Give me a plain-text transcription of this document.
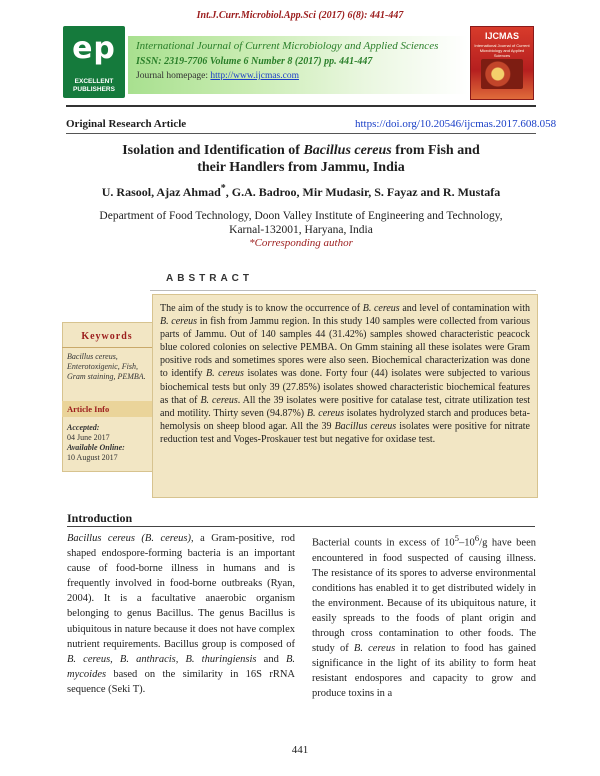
Int.J.Curr.Microbiol.App.Sci (2017) 6(8): 441-447
ep
EXCELLENT PUBLISHERS
International Journal of Current Microbiology and Applied Sciences
ISSN: 2319-7706 Volume 6 Number 8 (2017) pp. 441-447
Journal homepage: http://www.ijcmas.com
IJCMAS
International Journal of Current Microbiology and Applied Sciences
Original Research Article	https://doi.org/10.20546/ijcmas.2017.608.058
Isolation and Identification of Bacillus cereus from Fish and
their Handlers from Jammu, India
U. Rasool, Ajaz Ahmad*, G.A. Badroo, Mir Mudasir, S. Fayaz and R. Mustafa
Department of Food Technology, Doon Valley Institute of Engineering and Technology,
Karnal-132001, Haryana, India
*Corresponding author
ABSTRACT
Keywords
Bacillus cereus, Enterotoxigenic, Fish, Gram staining, PEMBA.
Article Info
Accepted:
04 June 2017
Available Online:
10 August 2017
The aim of the study is to know the occurrence of B. cereus and level of contamination with B. cereus in fish from Jammu region. In this study 140 samples were collected from various parts of Jammu. Out of 140 samples 44 (31.42%) samples showed characteristic peacock blue colored colonies on selective PEMBA. On Gmm staining all these isolates were Gram positive rods and sometimes spores were also seen. Biochemical characterization was done to identify B. cereus isolates was done. Forty four (44) isolates were subjected to various biochemical tests but only 39 (27.85%) isolates showed characteristic biochemical features as that of B. cereus. All the 39 isolates were positive for catalase test, citrate utilization test and motility. Thirty seven (94.87%) B. cereus isolates hydrolyzed starch and produces beta-hemolysis on sheep blood agar. All the 39 Bacillus cereus isolates were positive for nitrate reduction test and Voges-Proskauer test but negative for oxidase test.
Introduction
Bacillus cereus (B. cereus), a Gram-positive, rod shaped endospore-forming bacteria is an important cause of food-borne illness in humans and is frequently involved in food-borne outbreaks (Ryan, 2004). It is a facultative anaerobic organism belonging to genus Bacillus. The genus Bacillus is ubiquitous in nature because it does not have complex nutrient requirements. Bacillus group is composed of B. cereus, B. anthracis, B. thuringiensis and B. mycoides based on the similarity in 16S rRNA sequence (Seki T).
Bacterial counts in excess of $10^5-10^6/g$ have been encountered in food suspected of causing illness. The resistance of its spores to adverse environmental conditions has enabled it to get distributed widely in the environment. Because of its ubiquitous nature, it easily spreads to the foods of plant origin and through cross contamination to other foods. The study of B. cereus in relation to food has gained significance in the light of its ability to form heat resistant endospores and capacity to grow and produce toxins in a
441
